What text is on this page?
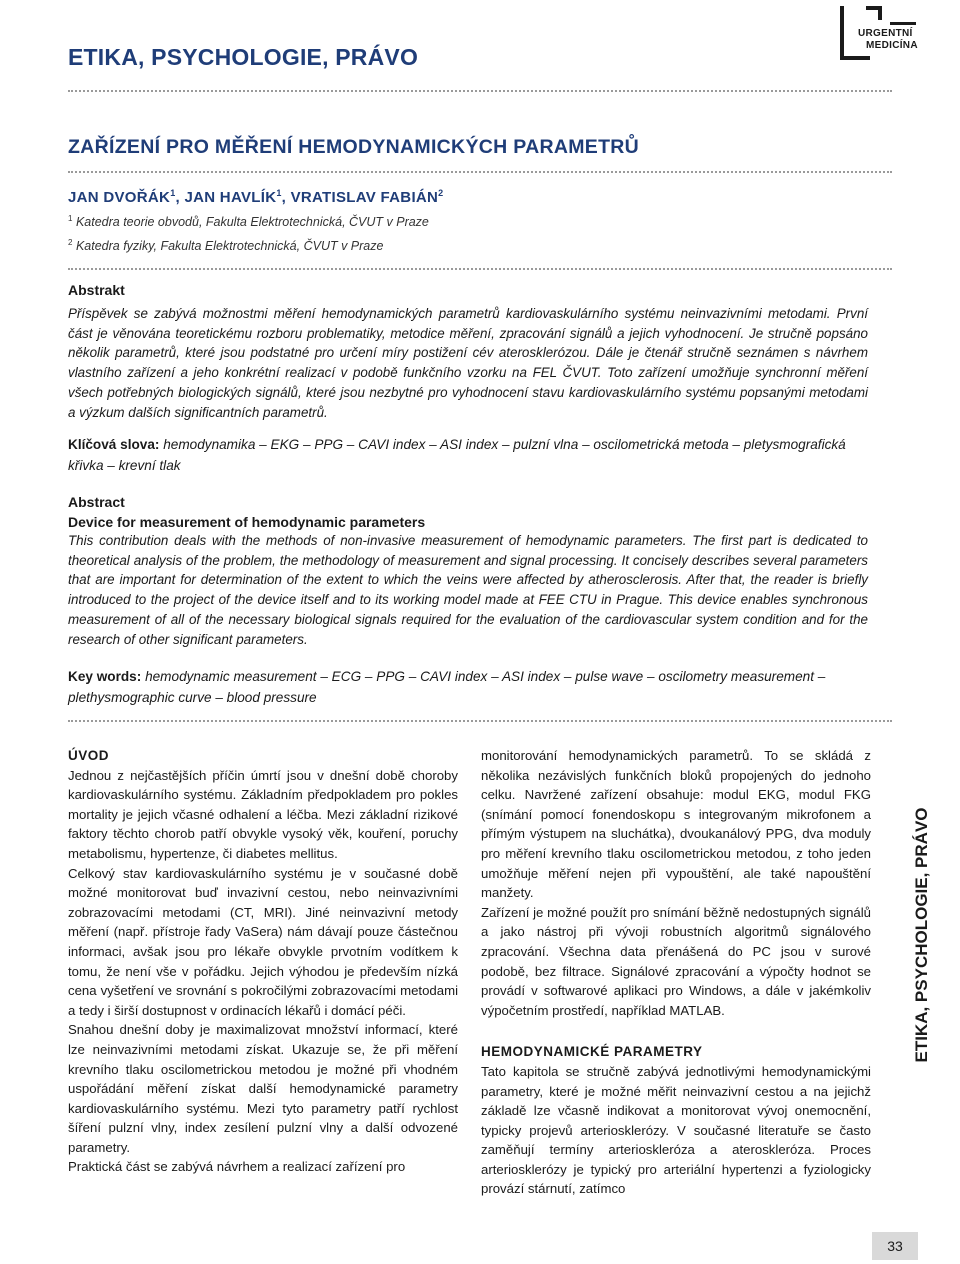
ETIKA, PSYCHOLOGIE, PRÁVO
URGENTNÍ
MEDICÍNA
ZAŘÍZENÍ PRO MĚŘENÍ HEMODYNAMICKÝCH PARAMETRŮ
JAN DVOŘÁK$^1$, JAN HAVLÍK$^1$, VRATISLAV FABIÁN$^2$
$^1$ Katedra teorie obvodů, Fakulta Elektrotechnická, ČVUT v Praze
$^2$ Katedra fyziky, Fakulta Elektrotechnická, ČVUT v Praze
Abstrakt
Příspěvek se zabývá možnostmi měření hemodynamických parametrů kardiovaskulárního systému neinvazivními metodami. První část je věnována teoretickému rozboru problematiky, metodice měření, zpracování signálů a jejich vyhodnocení. Je stručně popsáno několik parametrů, které jsou podstatné pro určení míry postižení cév aterosklerózou. Dále je čtenář stručně seznámen s návrhem vlastního zařízení a jeho konkrétní realizací v podobě funkčního vzorku na FEL ČVUT. Toto zařízení umožňuje synchronní měření všech potřebných biologických signálů, které jsou nezbytné pro vyhodnocení stavu kardiovaskulárního systému popsanými metodami a výzkum dalších significantních parametrů.
Klíčová slova: hemodynamika – EKG – PPG – CAVI index – ASI index – pulzní vlna – oscilometrická metoda – pletysmografická křivka – krevní tlak
Abstract
Device for measurement of hemodynamic parameters
This contribution deals with the methods of non-invasive measurement of hemodynamic parameters. The first part is dedicated to theoretical analysis of the problem, the methodology of measurement and signal processing. It concisely describes several parameters that are important for determination of the extent to which the veins were affected by atherosclerosis. After that, the reader is briefly introduced to the project of the device itself and to its working model made at FEE CTU in Prague. This device enables synchronous measurement of all of the necessary biological signals required for the evaluation of the cardiovascular system condition and for the research of other significant parameters.
Key words: hemodynamic measurement – ECG – PPG – CAVI index – ASI index – pulse wave – oscilometry measurement – plethysmographic curve – blood pressure
ÚVOD

Jednou z nejčastějších příčin úmrtí jsou v dnešní době choroby kardiovaskulárního systému. Základním předpokladem pro pokles mortality je jejich včasné odhalení a léčba. Mezi základní rizikové faktory těchto chorob patří obvykle vysoký věk, kouření, poruchy metabolismu, hypertenze, či diabetes mellitus.

Celkový stav kardiovaskulárního systému je v současné době možné monitorovat buď invazivní cestou, nebo neinvazivními zobrazovacími metodami (CT, MRI). Jiné neinvazivní metody měření (např. přístroje řady VaSera) nám dávají pouze částečnou informaci, avšak jsou pro lékaře obvykle prvotním vodítkem k tomu, že není vše v pořádku. Jejich výhodou je především nízká cena vyšetření ve srovnání s pokročilými zobrazovacími metodami a tedy i širší dostupnost v ordinacích lékařů i domácí péči.

Snahou dnešní doby je maximalizovat množství informací, které lze neinvazivními metodami získat. Ukazuje se, že při měření krevního tlaku oscilometrickou metodou je možné při vhodném uspořádání měření získat další hemodynamické parametry kardiovaskulárního systému. Mezi tyto parametry patří rychlost šíření pulzní vlny, index zesílení pulzní vlny a další odvozené parametry.

Praktická část se zabývá návrhem a realizací zařízení pro

monitorování hemodynamických parametrů. To se skládá z několika nezávislých funkčních bloků propojených do jednoho celku. Navržené zařízení obsahuje: modul EKG, modul FKG (snímání pomocí fonendoskopu s integrovaným mikrofonem a přímým výstupem na sluchátka), dvoukanálový PPG, dva moduly pro měření krevního tlaku oscilometrickou metodou, z toho jeden umožňuje měření nejen při vypouštění, ale také napouštění manžety.

Zařízení je možné použít pro snímání běžně nedostupných signálů a jako nástroj při vývoji robustních algoritmů signálového zpracování. Všechna data přenášená do PC jsou v surové podobě, bez filtrace. Signálové zpracování a výpočty hodnot se provádí v softwarové aplikaci pro Windows, a dále v jakémkoliv výpočetním prostředí, například MATLAB.

HEMODYNAMICKÉ PARAMETRY

Tato kapitola se stručně zabývá jednotlivými hemodynamickými parametry, které je možné měřit neinvazivní cestou a na jejichž základě lze včasně indikovat a monitorovat vývoj onemocnění, typicky projevů arteriosklerózy. V současné literatuře se často zaměňují termíny arterioskleróza a ateroskleróza. Proces arteriosklerózy je typický pro arteriální hypertenzi a fyziologicky provází stárnutí, zatímco

ETIKA, PSYCHOLOGIE, PRÁVO
33
